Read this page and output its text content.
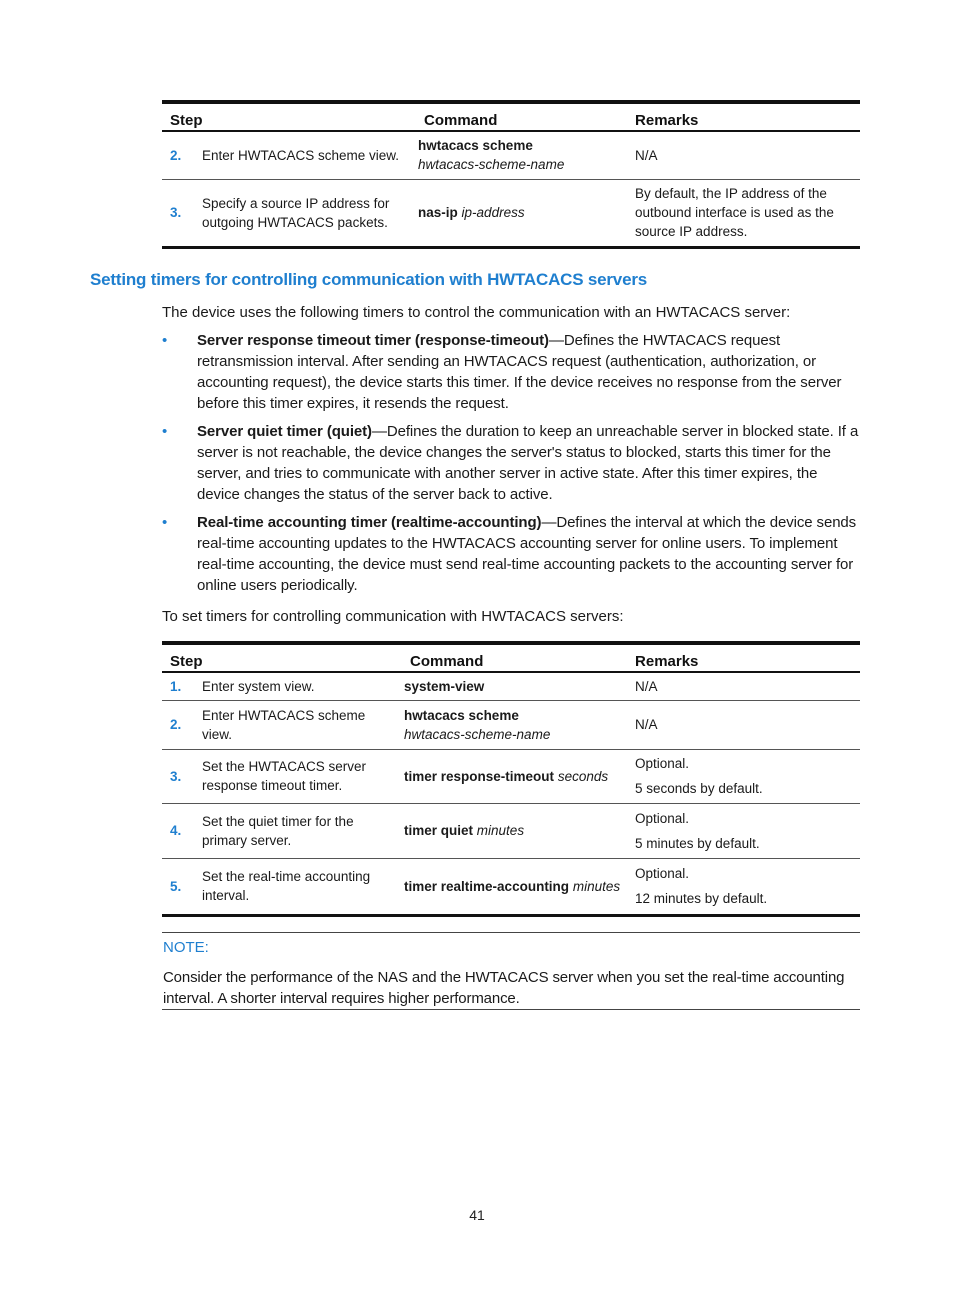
Step		Command	Remarks
2.	Enter HWTACACS scheme view.	hwtacacs scheme
hwtacacs-scheme-name	N/A

3.	Specify a source IP address for outgoing HWTACACS packets.	nas-ip ip-address	By default, the IP address of the outbound interface is used as the source IP address.
Setting timers for controlling communication with HWTACACS servers
The device uses the following timers to control the communication with an HWTACACS server:
• Server response timeout timer (response-timeout)—Defines the HWTACACS request retransmission interval. After sending an HWTACACS request (authentication, authorization, or accounting request), the device starts this timer. If the device receives no response from the server before this timer expires, it resends the request.
• Server quiet timer (quiet)—Defines the duration to keep an unreachable server in blocked state. If a server is not reachable, the device changes the server's status to blocked, starts this timer for the server, and tries to communicate with another server in active state. After this timer expires, the device changes the status of the server back to active.
• Real-time accounting timer (realtime-accounting)—Defines the interval at which the device sends real-time accounting updates to the HWTACACS accounting server for online users. To implement real-time accounting, the device must send real-time accounting packets to the accounting server for online users periodically.
To set timers for controlling communication with HWTACACS servers:
Step		Command	Remarks
1.	Enter system view.	system-view	N/A

2.	Enter HWTACACS scheme view.	hwtacacs scheme
hwtacacs-scheme-name	N/A

3.	Set the HWTACACS server response timeout timer.	timer response-timeout seconds	Optional.
5 seconds by default.

4.	Set the quiet timer for the primary server.	timer quiet minutes	Optional.
5 minutes by default.

5.	Set the real-time accounting interval.	timer realtime-accounting minutes	Optional.
12 minutes by default.
NOTE:
Consider the performance of the NAS and the HWTACACS server when you set the real-time accounting interval. A shorter interval requires higher performance.
41
